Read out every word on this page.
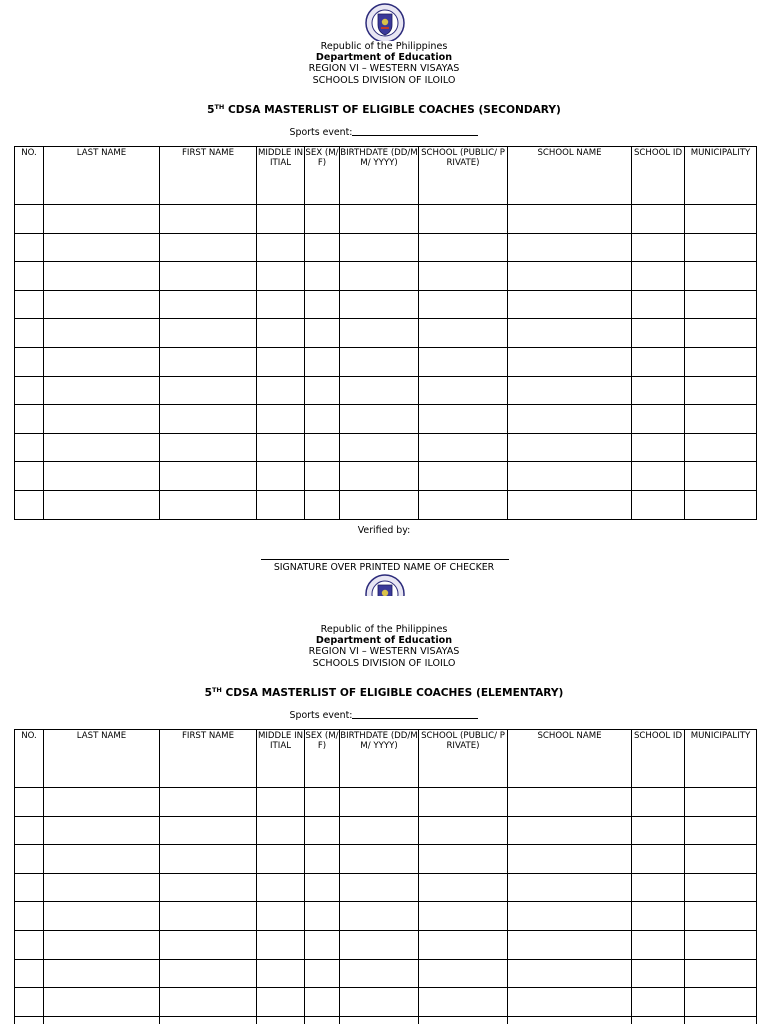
Republic of the Philippines
Department of Education
REGION VI – WESTERN VISAYAS
SCHOOLS DIVISION OF ILOILO
5TH CDSA MASTERLIST OF ELIGIBLE COACHES (SECONDARY)
Sports event:
NO.	LAST NAME	FIRST NAME	MIDDLE INITIAL	SEX (M/ F)	BIRTHDATE (DD/MM/ YYYY)	SCHOOL (PUBLIC/ PRIVATE)	SCHOOL NAME	SCHOOL ID	MUNICIPALITY

Verified by:
SIGNATURE OVER PRINTED NAME OF CHECKER
Republic of the Philippines
Department of Education
REGION VI – WESTERN VISAYAS
SCHOOLS DIVISION OF ILOILO
5TH CDSA MASTERLIST OF ELIGIBLE COACHES (ELEMENTARY)
Sports event:
NO.	LAST NAME	FIRST NAME	MIDDLE INITIAL	SEX (M/ F)	BIRTHDATE (DD/MM/ YYYY)	SCHOOL (PUBLIC/ PRIVATE)	SCHOOL NAME	SCHOOL ID	MUNICIPALITY
